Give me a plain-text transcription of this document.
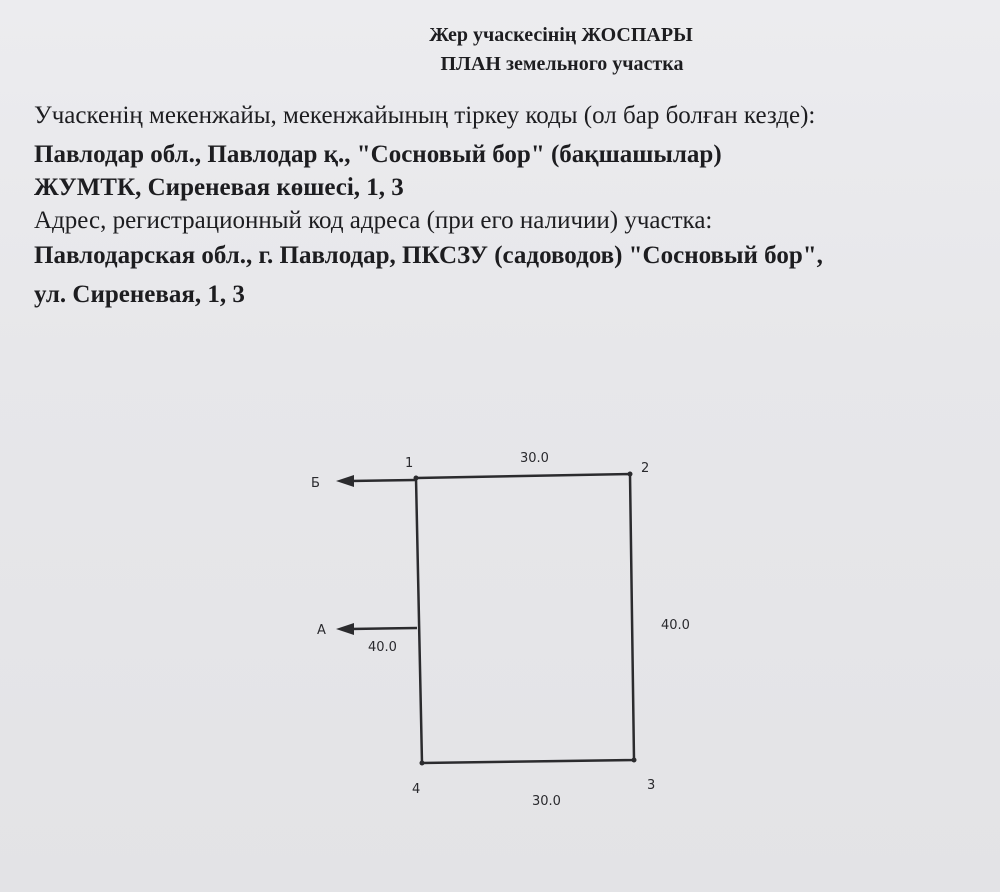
Жер учаскесінің ЖОСПАРЫ

ПЛАН земельного участка

Учаскенің мекенжайы, мекенжайының тіркеу коды (ол бар болған кезде):

Павлодар обл., Павлодар қ., "Сосновый бор" (бақшашылар)

ЖУМТК, Сиреневая көшесі, 1, 3

Адрес, регистрационный код адреса (при его наличии) участка:

Павлодарская обл., г. Павлодар, ПКСЗУ (садоводов) "Сосновый бор",

ул. Сиреневая, 1, 3

1	2
3
4
30.0
40.0
30.0
40.0
Б
А
